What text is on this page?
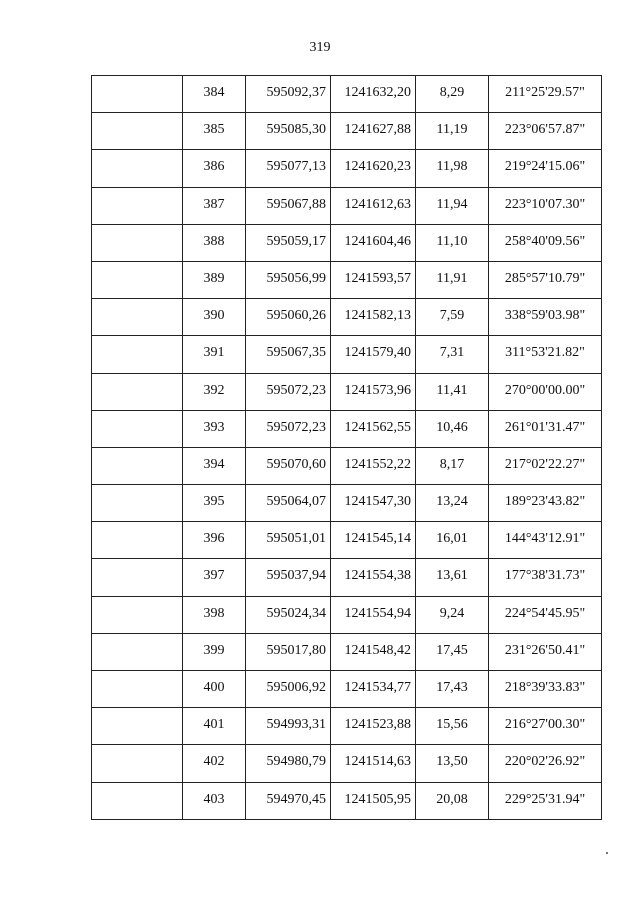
319

	384	595092,37	1241632,20	8,29	211°25'29.57"

	385	595085,30	1241627,88	11,19	223°06'57.87"

	386	595077,13	1241620,23	11,98	219°24'15.06"

	387	595067,88	1241612,63	11,94	223°10'07.30"

	388	595059,17	1241604,46	11,10	258°40'09.56"

	389	595056,99	1241593,57	11,91	285°57'10.79"

	390	595060,26	1241582,13	7,59	338°59'03.98"

	391	595067,35	1241579,40	7,31	311°53'21.82"

	392	595072,23	1241573,96	11,41	270°00'00.00"

	393	595072,23	1241562,55	10,46	261°01'31.47"

	394	595070,60	1241552,22	8,17	217°02'22.27"

	395	595064,07	1241547,30	13,24	189°23'43.82"

	396	595051,01	1241545,14	16,01	144°43'12.91"

	397	595037,94	1241554,38	13,61	177°38'31.73"

	398	595024,34	1241554,94	9,24	224°54'45.95"

	399	595017,80	1241548,42	17,45	231°26'50.41"

	400	595006,92	1241534,77	17,43	218°39'33.83"

	401	594993,31	1241523,88	15,56	216°27'00.30"

	402	594980,79	1241514,63	13,50	220°02'26.92"

	403	594970,45	1241505,95	20,08	229°25'31.94"
